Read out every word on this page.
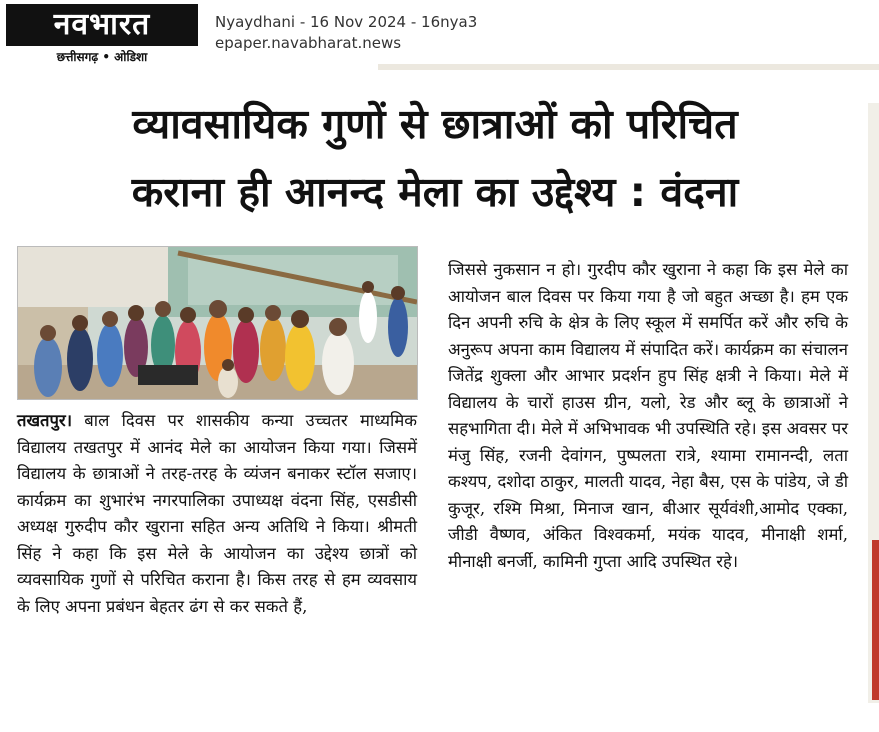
नवभारत
छत्तीसगढ़ • ओडिशा
Nyaydhani - 16 Nov 2024 - 16nya3
epaper.navabharat.news
व्यावसायिक गुणों से छात्राओं को परिचित
कराना ही आनन्द मेला का उद्देश्य : वंदना
तखतपुर। बाल दिवस पर शासकीय कन्या उच्चतर माध्यमिक विद्यालय तखतपुर में आनंद मेले का आयोजन किया गया। जिसमें विद्यालय के छात्राओं ने तरह-तरह के व्यंजन बनाकर स्टॉल सजाए। कार्यक्रम का शुभारंभ नगरपालिका उपाध्यक्ष वंदना सिंह, एसडीसी अध्यक्ष गुरुदीप कौर खुराना सहित अन्य अतिथि ने किया। श्रीमती सिंह ने कहा कि इस मेले के आयोजन का उद्देश्य छात्रों को व्यवसायिक गुणों से परिचित कराना है। किस तरह से हम व्यवसाय के लिए अपना प्रबंधन बेहतर ढंग से कर सकते हैं,
जिससे नुकसान न हो। गुरदीप कौर खुराना ने कहा कि इस मेले का आयोजन बाल दिवस पर किया गया है जो बहुत अच्छा है। हम एक दिन अपनी रुचि के क्षेत्र के लिए स्कूल में समर्पित करें और रुचि के अनुरूप अपना काम विद्यालय में संपादित करें। कार्यक्रम का संचालन जितेंद्र शुक्ला और आभार प्रदर्शन हुप सिंह क्षत्री ने किया। मेले में विद्यालय के चारों हाउस ग्रीन, यलो, रेड और ब्लू के छात्राओं ने सहभागिता दी। मेले में अभिभावक भी उपस्थिति रहे। इस अवसर पर मंजु सिंह, रजनी देवांगन, पुष्पलता रात्रे, श्यामा रामानन्दी, लता कश्यप, दशोदा ठाकुर, मालती यादव, नेहा बैस, एस के पांडेय, जे डी कुजूर, रश्मि मिश्रा, मिनाज खान, बीआर सूर्यवंशी,आमोद एक्का, जीडी वैष्णव, अंकित विश्वकर्मा, मयंक यादव, मीनाक्षी शर्मा, मीनाक्षी बनर्जी, कामिनी गुप्ता आदि उपस्थित रहे।
